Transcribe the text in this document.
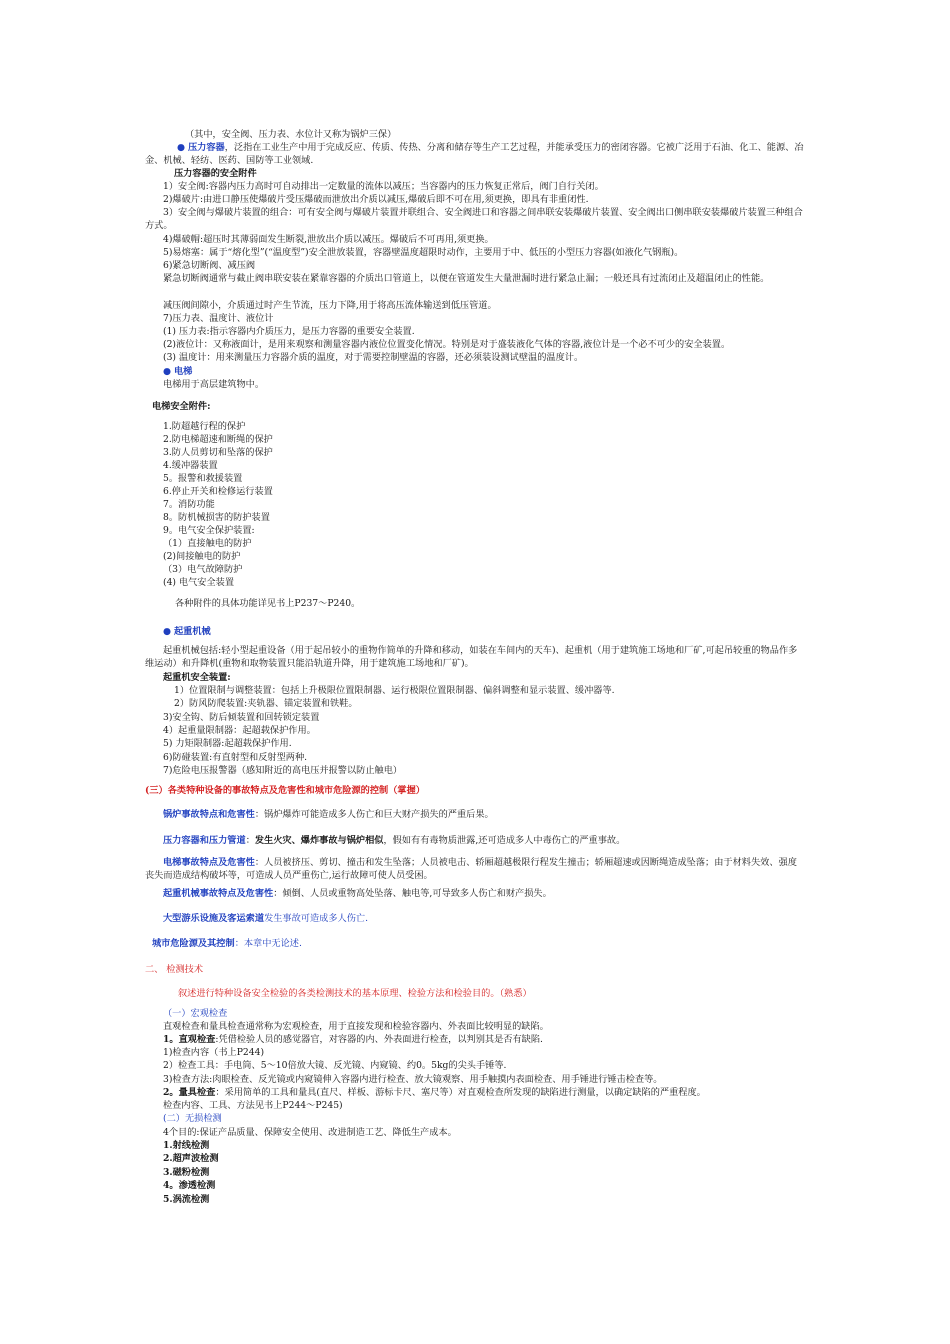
（其中，安全阀、压力表、水位计又称为锅炉三保）
● 压力容器，泛指在工业生产中用于完成反应、传质、传热、分离和储存等生产工艺过程，并能承受压力的密闭容器。它被广泛用于石油、化工、能源、冶金、机械、轻纺、医药、国防等工业领域.
压力容器的安全附件
1）安全阀:容器内压力高时可自动排出一定数量的流体以减压；当容器内的压力恢复正常后，阀门自行关闭。
2)爆破片:由进口静压使爆破片受压爆破而泄放出介质以减压,爆破后即不可在用,须更换，即具有非重闭性.
3）安全阀与爆破片装置的组合：可有安全阀与爆破片装置并联组合、安全阀进口和容器之间串联安装爆破片装置、安全阀出口侧串联安装爆破片装置三种组合方式。
4)爆破帽:超压时其薄弱面发生断裂,泄放出介质以减压。爆破后不可再用,须更换。
5)易熔塞：属于“熔化型”(“温度型”)安全泄放装置，容器壁温度超限时动作，主要用于中、低压的小型压力容器(如液化气钢瓶)。
6)紧急切断阀、减压阀
紧急切断阀通常与截止阀串联安装在紧靠容器的介质出口管道上，以便在管道发生大量泄漏时进行紧急止漏；一般还具有过流闭止及超温闭止的性能。
减压阀间隙小，介质通过时产生节流，压力下降,用于将高压流体输送到低压管道。
7)压力表、温度计、液位计
(1) 压力表:指示容器内介质压力，是压力容器的重要安全装置.
(2)液位计：又称液面计，是用来观察和测量容器内液位位置变化情况。特别是对于盛装液化气体的容器,液位计是一个必不可少的安全装置。
(3) 温度计：用来测量压力容器介质的温度，对于需要控制壁温的容器，还必须装设测试壁温的温度计。
● 电梯
电梯用于高层建筑物中。
电梯安全附件:
1.防超越行程的保护
2.防电梯超速和断绳的保护
3.防人员剪切和坠落的保护
4.缓冲器装置
5。报警和救援装置
6.停止开关和检修运行装置
7。消防功能
8。防机械损害的防护装置
9。电气安全保护装置:
（1）直接触电的防护
(2)间接触电的防护
（3）电气故障防护
(4) 电气安全装置
各种附件的具体功能详见书上P237～P240。
● 起重机械
起重机械包括:轻小型起重设备（用于起吊较小的重物作简单的升降和移动，如装在车间内的天车)、起重机（用于建筑施工场地和厂矿,可起吊较重的物品作多维运动）和升降机(重物和取物装置只能沿轨道升降，用于建筑施工场地和厂矿)。
起重机安全装置:
1）位置限制与调整装置：包括上升极限位置限制器、运行极限位置限制器、偏斜调整和显示装置、缓冲器等.
2）防风防爬装置:夹轨器、锚定装置和铁鞋。
3)安全钩、防后倾装置和回转锁定装置
4）起重量限制器：起超载保护作用。
5) 力矩限制器:起超载保护作用.
6)防碰装置:有直射型和反射型两种.
7)危险电压报警器（感知附近的高电压并报警以防止触电）
(三）各类特种设备的事故特点及危害性和城市危险源的控制（掌握）
锅炉事故特点和危害性：锅炉爆炸可能造成多人伤亡和巨大财产损失的严重后果。
压力容器和压力管道：发生火灾、爆炸事故与锅炉相似，假如有有毒物质泄露,还可造成多人中毒伤亡的严重事故。
电梯事故特点及危害性：人员被挤压、剪切、撞击和发生坠落；人员被电击、轿厢超越极限行程发生撞击；轿厢超速或因断绳造成坠落；由于材料失效、强度丧失而造成结构破坏等，可造成人员严重伤亡,运行故障可使人员受困。
起重机械事故特点及危害性：倾倒、人员或重物高处坠落、触电等,可导致多人伤亡和财产损失。
大型游乐设施及客运索道发生事故可造成多人伤亡.
城市危险源及其控制：本章中无论述.
二、 检测技术
叙述进行特种设备安全检验的各类检测技术的基本原理、检验方法和检验目的。（熟悉）
（一）宏观检查
直观检查和量具检查通常称为宏观检查，用于直接发现和检验容器内、外表面比较明显的缺陷。
1。直观检查:凭借检验人员的感觉器官，对容器的内、外表面进行检查，以判别其是否有缺陷.
1)检查内容（书上P244)
2）检查工具：手电筒、5～10倍放大镜、反光镜、内窥镜、约0。5kg的尖头手锤等.
3)检查方法:肉眼检查、反光镜或内窥镜伸入容器内进行检查、放大镜观察、用手触摸内表面检查、用手锤进行锤击检查等。
2。量具检查：采用简单的工具和量具(直尺、样板、游标卡尺、塞尺等）对直观检查所发现的缺陷进行测量，以确定缺陷的严重程度。
检查内容、工具、方法见书上P244～P245)
(二）无损检测
4个目的:保证产品质量、保障安全使用、改进制造工艺、降低生产成本。
1.射线检测
2.超声波检测
3.磁粉检测
4。渗透检测
5.涡流检测
